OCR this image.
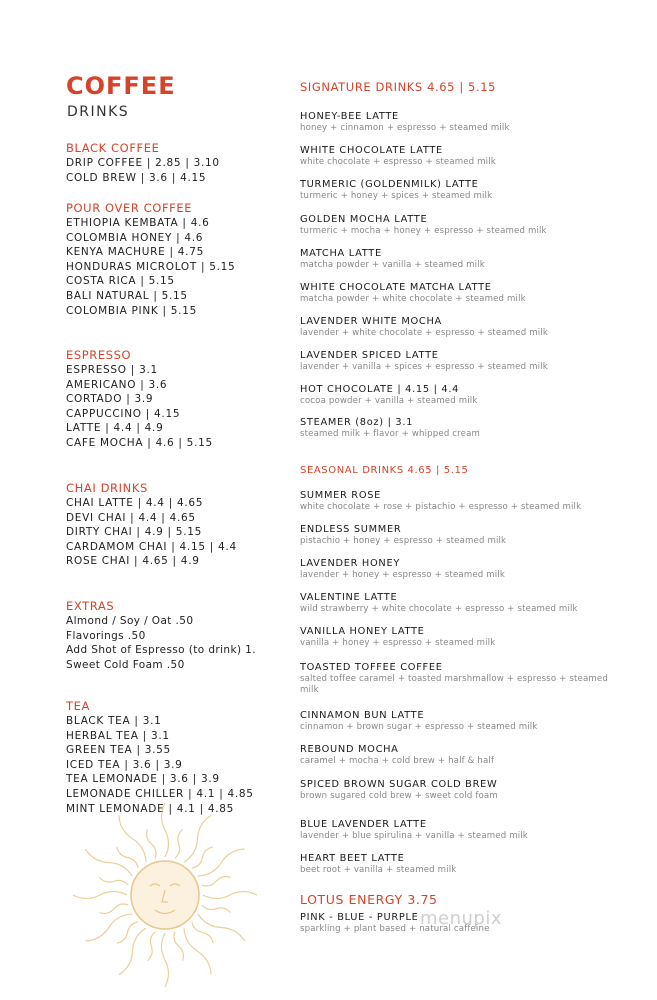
COFFEE
DRINKS
BLACK COFFEE
DRIP COFFEE | 2.85 | 3.10
COLD BREW | 3.6 | 4.15
POUR OVER COFFEE
ETHIOPIA KEMBATA | 4.6
COLOMBIA HONEY | 4.6
KENYA MACHURE | 4.75
HONDURAS MICROLOT | 5.15
COSTA RICA | 5.15
BALI NATURAL | 5.15
COLOMBIA PINK | 5.15
ESPRESSO
ESPRESSO | 3.1
AMERICANO | 3.6
CORTADO | 3.9
CAPPUCCINO | 4.15
LATTE | 4.4 | 4.9
CAFE MOCHA | 4.6 | 5.15
CHAI DRINKS
CHAI LATTE | 4.4 | 4.65
DEVI CHAI | 4.4 | 4.65
DIRTY CHAI | 4.9 | 5.15
CARDAMOM CHAI | 4.15 | 4.4
ROSE CHAI | 4.65 | 4.9
EXTRAS
Almond / Soy / Oat .50
Flavorings .50
Add Shot of Espresso (to drink) 1.
Sweet Cold Foam .50
TEA
BLACK TEA | 3.1
HERBAL TEA | 3.1
GREEN TEA | 3.55
ICED TEA | 3.6 | 3.9
TEA LEMONADE | 3.6 | 3.9
LEMONADE CHILLER | 4.1 | 4.85
MINT LEMONADE | 4.1 | 4.85
SIGNATURE DRINKS 4.65 | 5.15
HONEY-BEE LATTE
honey + cinnamon + espresso + steamed milk
WHITE CHOCOLATE LATTE
white chocolate + espresso + steamed milk
TURMERIC (GOLDENMILK) LATTE
turmeric + honey + spices + steamed milk
GOLDEN MOCHA LATTE
turmeric + mocha + honey + espresso + steamed milk
MATCHA LATTE
matcha powder + vanilla + steamed milk
WHITE CHOCOLATE MATCHA LATTE
matcha powder + white chocolate + steamed milk
LAVENDER WHITE MOCHA
lavender + white chocolate + espresso + steamed milk
LAVENDER SPICED LATTE
lavender + vanilla + spices + espresso + steamed milk
HOT CHOCOLATE | 4.15 | 4.4
cocoa powder + vanilla + steamed milk
STEAMER (8oz) | 3.1
steamed milk + flavor + whipped cream
SEASONAL DRINKS 4.65 | 5.15
SUMMER ROSE
white chocolate + rose + pistachio + espresso + steamed milk
ENDLESS SUMMER
pistachio + honey + espresso + steamed milk
LAVENDER HONEY
lavender + honey + espresso + steamed milk
VALENTINE LATTE
wild strawberry + white chocolate + espresso + steamed milk
VANILLA HONEY LATTE
vanilla + honey + espresso + steamed milk
TOASTED TOFFEE COFFEE
salted toffee caramel + toasted marshmallow + espresso + steamed milk
CINNAMON BUN LATTE
cinnamon + brown sugar + espresso + steamed milk
REBOUND MOCHA
caramel + mocha + cold brew + half & half
SPICED BROWN SUGAR COLD BREW
brown sugared cold brew + sweet cold foam
BLUE LAVENDER LATTE
lavender + blue spirulina + vanilla + steamed milk
HEART BEET LATTE
beet root + vanilla + steamed milk
LOTUS ENERGY 3.75
PINK - BLUE - PURPLE
sparkling + plant based + natural caffeine
menupix
